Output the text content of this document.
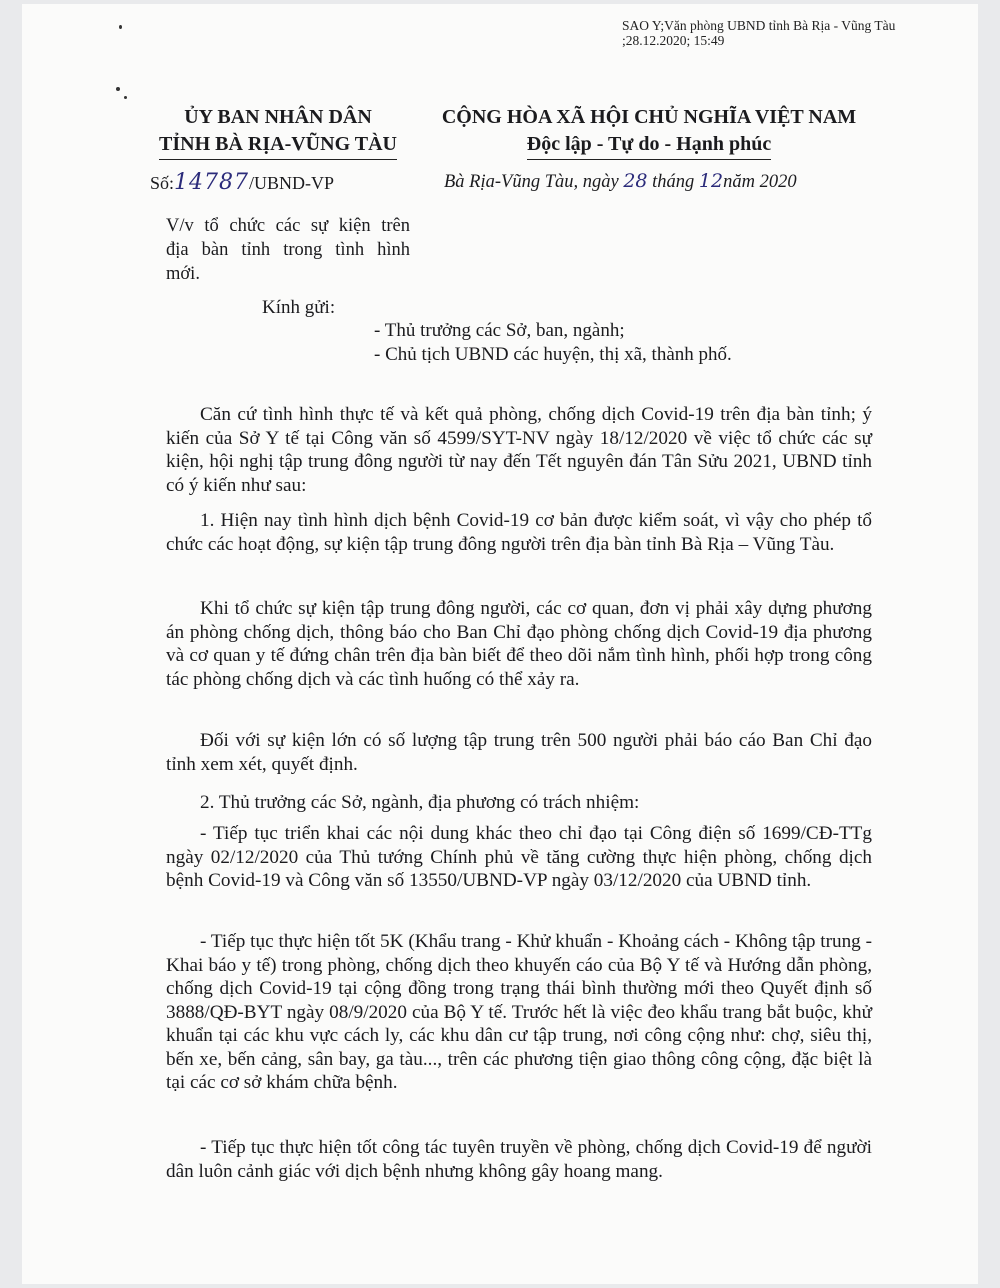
SAO Y;Văn phòng UBND tỉnh Bà Rịa - Vũng Tàu
;28.12.2020; 15:49
ỦY BAN NHÂN DÂN
TỈNH BÀ RỊA-VŨNG TÀU
CỘNG HÒA XÃ HỘI CHỦ NGHĨA VIỆT NAM
Độc lập - Tự do - Hạnh phúc
Số:14787/UBND-VP	Bà Rịa-Vũng Tàu, ngày 28 tháng 12năm 2020
V/v tổ chức các sự kiện trên
địa bàn tỉnh trong tình hình
mới.
Kính gửi:
- Thủ trưởng các Sở, ban, ngành;
- Chủ tịch UBND các huyện, thị xã, thành phố.
Căn cứ tình hình thực tế và kết quả phòng, chống dịch Covid-19 trên địa bàn tỉnh; ý kiến của Sở Y tế tại Công văn số 4599/SYT-NV ngày 18/12/2020 về việc tổ chức các sự kiện, hội nghị tập trung đông người từ nay đến Tết nguyên đán Tân Sửu 2021, UBND tỉnh có ý kiến như sau:
1. Hiện nay tình hình dịch bệnh Covid-19 cơ bản được kiểm soát, vì vậy cho phép tổ chức các hoạt động, sự kiện tập trung đông người trên địa bàn tỉnh Bà Rịa – Vũng Tàu.
Khi tổ chức sự kiện tập trung đông người, các cơ quan, đơn vị phải xây dựng phương án phòng chống dịch, thông báo cho Ban Chỉ đạo phòng chống dịch Covid-19 địa phương và cơ quan y tế đứng chân trên địa bàn biết để theo dõi nắm tình hình, phối hợp trong công tác phòng chống dịch và các tình huống có thể xảy ra.
Đối với sự kiện lớn có số lượng tập trung trên 500 người phải báo cáo Ban Chỉ đạo tỉnh xem xét, quyết định.
2. Thủ trưởng các Sở, ngành, địa phương có trách nhiệm:
- Tiếp tục triển khai các nội dung khác theo chỉ đạo tại Công điện số 1699/CĐ-TTg ngày 02/12/2020 của Thủ tướng Chính phủ về tăng cường thực hiện phòng, chống dịch bệnh Covid-19 và Công văn số 13550/UBND-VP ngày 03/12/2020 của UBND tỉnh.
- Tiếp tục thực hiện tốt 5K (Khẩu trang - Khử khuẩn - Khoảng cách - Không tập trung - Khai báo y tế) trong phòng, chống dịch theo khuyến cáo của Bộ Y tế và Hướng dẫn phòng, chống dịch Covid-19 tại cộng đồng trong trạng thái bình thường mới theo Quyết định số 3888/QĐ-BYT ngày 08/9/2020 của Bộ Y tế. Trước hết là việc đeo khẩu trang bắt buộc, khử khuẩn tại các khu vực cách ly, các khu dân cư tập trung, nơi công cộng như: chợ, siêu thị, bến xe, bến cảng, sân bay, ga tàu..., trên các phương tiện giao thông công cộng, đặc biệt là tại các cơ sở khám chữa bệnh.
- Tiếp tục thực hiện tốt công tác tuyên truyền về phòng, chống dịch Covid-19 để người dân luôn cảnh giác với dịch bệnh nhưng không gây hoang mang.
